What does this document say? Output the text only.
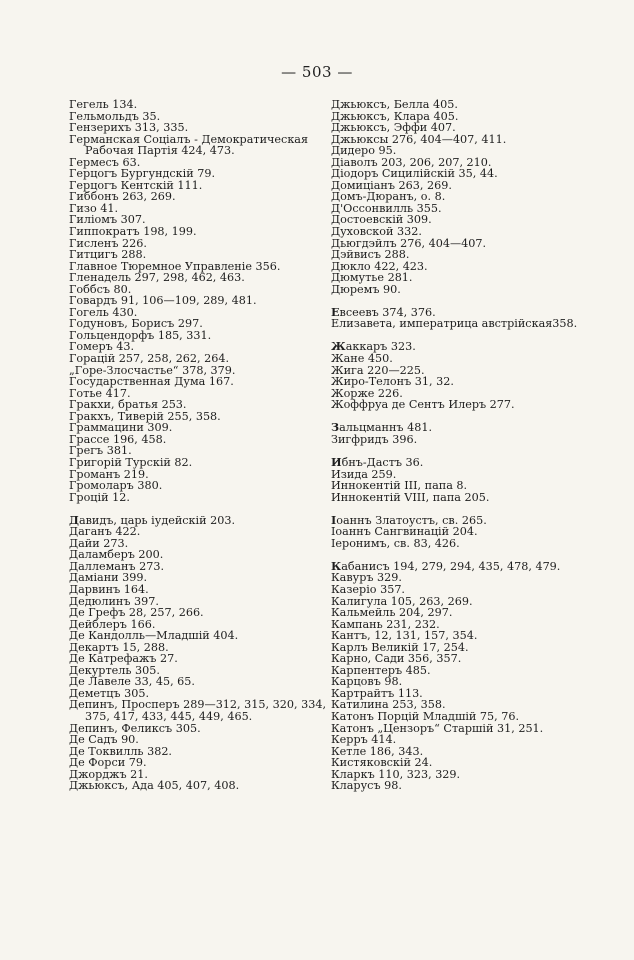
— 503 —
Гегель 134.
Гельмольдъ 35.
Гензерихъ 313, 335.
Германская Соціалъ - Демократическая
Рабочая Партія 424, 473.
Гермесъ 63.
Герцогъ Бургундскій 79.
Герцогъ Кентскій 111.
Гиббонъ 263, 269.
Гизо 41.
Гиліомъ 307.
Гиппократъ 198, 199.
Гисленъ 226.
Гитцигъ 288.
Главное Тюремное Управленіе 356.
Гленадель 297, 298, 462, 463.
Гоббсъ 80.
Говардъ 91, 106—109, 289, 481.
Гогель 430.
Годуновъ, Борисъ 297.
Гольцендорфъ 185, 331.
Гомеръ 43.
Горацій 257, 258, 262, 264.
„Горе-Злосчастье“ 378, 379.
Государственная Дума 167.
Готье 417.
Гракхи, братья 253.
Гракхъ, Тиверій 255, 358.
Граммацини 309.
Грассе 196, 458.
Грегъ 381.
Григорій Турскій 82.
Громанъ 219.
Громоларъ 380.
Гроцій 12.
Давидъ, царь іудейскій 203.
Даганъ 422.
Дайи 273.
Даламберъ 200.
Даллеманъ 273.
Даміани 399.
Дарвинъ 164.
Дедюлинъ 397.
Де Грефъ 28, 257, 266.
Дейблеръ 166.
Де Кандолль—Младшій 404.
Декартъ 15, 288.
Де Катрефажъ 27.
Декуртель 305.
Де Лавеле 33, 45, 65.
Деметцъ 305.
Депинъ, Просперъ 289—312, 315, 320, 334, 375, 417, 433, 445, 449, 465.
Депинъ, Феликсъ 305.
Де Садъ 90.
Де Токвилль 382.
Де Форси 79.
Джорджъ 21.
Джьюксъ, Ада 405, 407, 408.
Джьюксъ, Белла 405.
Джьюксъ, Клара 405.
Джьюксъ, Эффи 407.
Джьюксы 276, 404—407, 411.
Дидеро 95.
Діаволъ 203, 206, 207, 210.
Діодоръ Сицилійскій 35, 44.
Домиціанъ 263, 269.
Домъ-Дюранъ, о. 8.
Д'Оссонвилль 355.
Достоевскій 309.
Духовской 332.
Дьюгдэйлъ 276, 404—407.
Дэйвисъ 288.
Дюкло 422, 423.
Дюмутье 281.
Дюремъ 90.
Евсеевъ 374, 376.
Елизавета, императрица австрійская358.
Жаккаръ 323.
Жане 450.
Жига 220—225.
Жиро-Телонъ 31, 32.
Жорже 226.
Жоффруа де Сентъ Илеръ 277.
Зальцманнъ 481.
Зигфридъ 396.
Ибнъ-Дастъ 36.
Изида 259.
Иннокентій III, папа 8.
Иннокентій VIII, папа 205.
Іоаннъ Златоустъ, св. 265.
Іоаннъ Сангвинацій 204.
Іеронимъ, св. 83, 426.
Кабанисъ 194, 279, 294, 435, 478, 479.
Кавуръ 329.
Казеріо 357.
Калигула 105, 263, 269.
Кальмейль 204, 297.
Кампань 231, 232.
Кантъ, 12, 131, 157, 354.
Карлъ Великій 17, 254.
Карно, Сади 356, 357.
Карпентеръ 485.
Карцовъ 98.
Картрайтъ 113.
Катилина 253, 358.
Катонъ Порцій Младшій 75, 76.
Катонъ „Цензоръ“ Старшій 31, 251.
Керръ 414.
Кетле 186, 343.
Кистяковскій 24.
Кларкъ 110, 323, 329.
Кларусъ 98.
